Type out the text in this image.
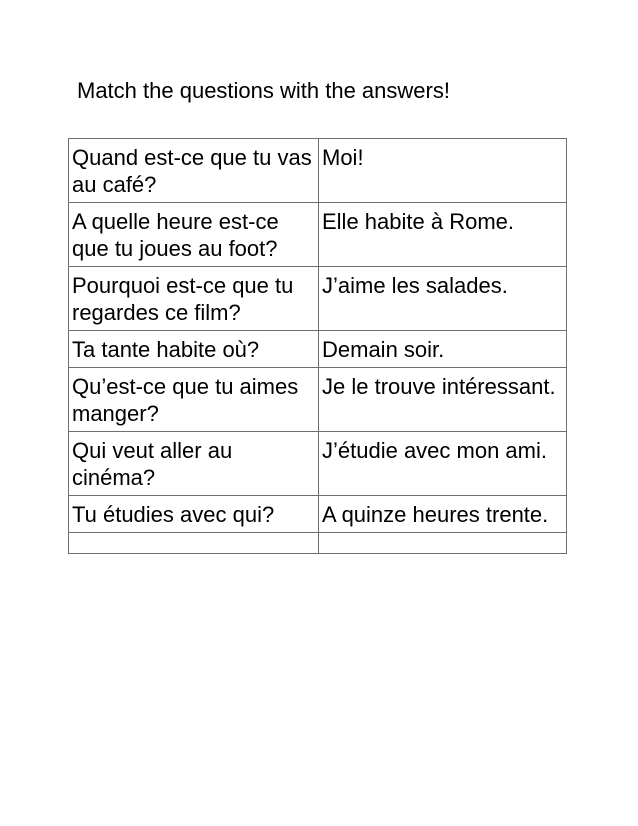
Match the questions with the answers!
Quand est-ce que tu vas au café?	Moi!
A quelle heure est-ce que tu joues au foot?	Elle habite à Rome.
Pourquoi est-ce que tu regardes ce film?	J’aime les salades.
Ta tante habite où?	Demain soir.
Qu’est-ce que tu aimes manger?	Je le trouve intéressant.
Qui veut aller au cinéma?	J’étudie avec mon ami.
Tu étudies avec qui?	A quinze heures trente.
